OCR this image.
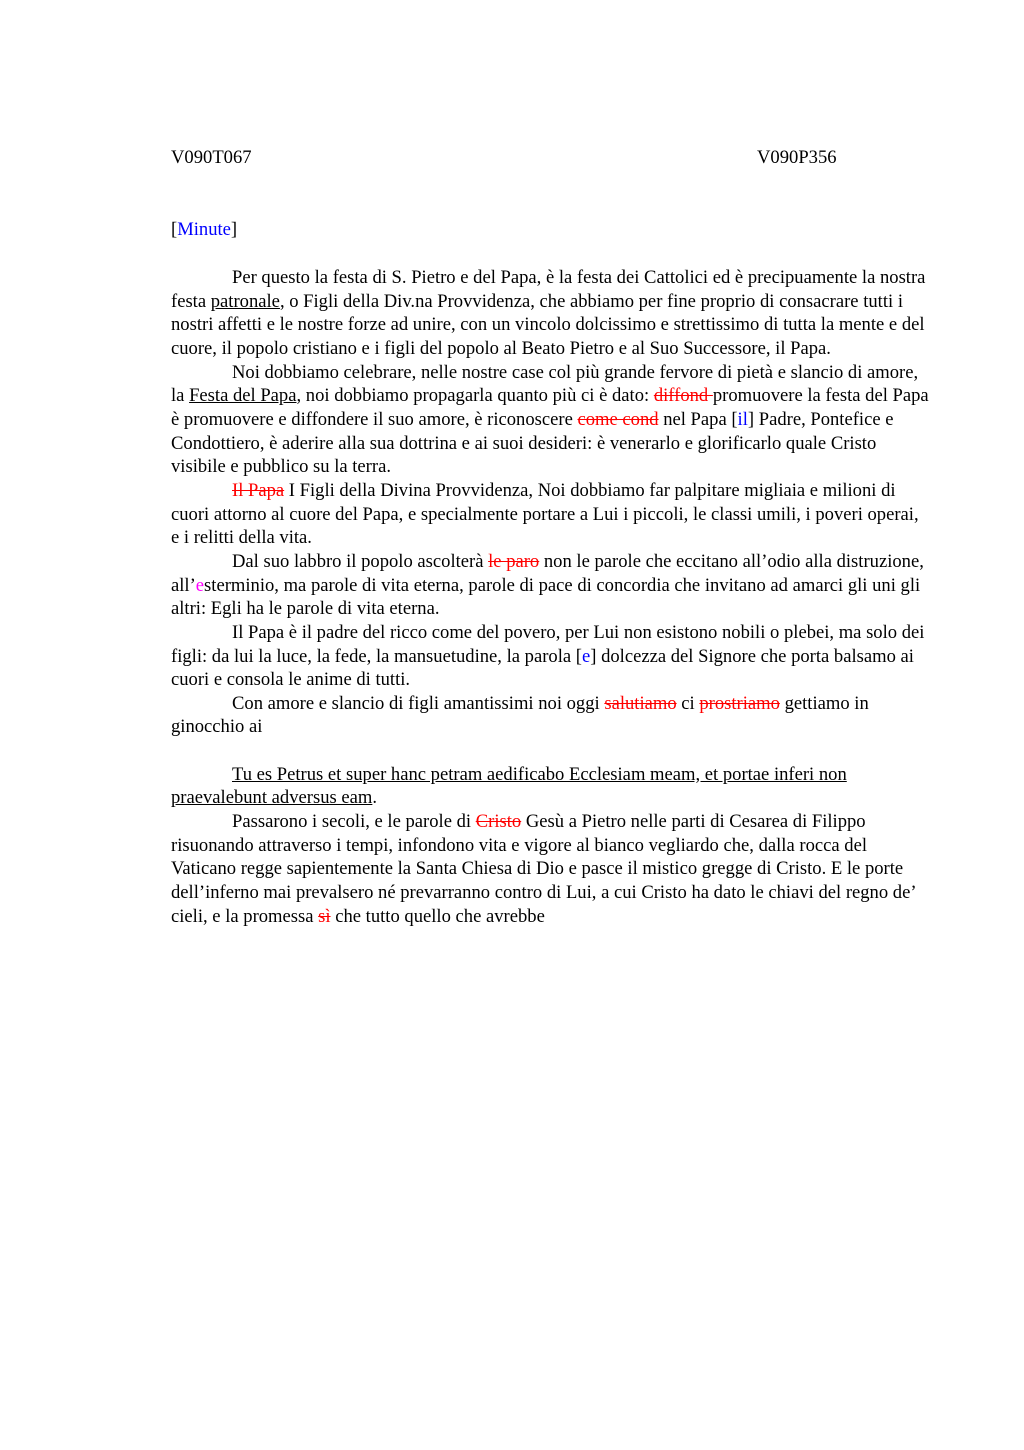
V090T067	V090P356
[Minute]

Per questo la festa di S. Pietro e del Papa, è la festa dei Cattolici ed è precipuamente la nostra festa patronale, o Figli della Div.na Provvidenza, che abbiamo per fine proprio di consacrare tutti i nostri affetti e le nostre forze ad unire, con un vincolo dolcissimo e strettissimo di tutta la mente e del cuore, il popolo cristiano e i figli del popolo al Beato Pietro e al Suo Successore, il Papa.

Noi dobbiamo celebrare, nelle nostre case col più grande fervore di pietà e slancio di amore, la Festa del Papa, noi dobbiamo propagarla quanto più ci è dato: diffond promuovere la festa del Papa è promuovere e diffondere il suo amore, è riconoscere come cond nel Papa [il] Padre, Pontefice e Condottiero, è aderire alla sua dottrina e ai suoi desideri: è venerarlo e glorificarlo quale Cristo visibile e pubblico su la terra.

Il Papa I Figli della Divina Provvidenza, Noi dobbiamo far palpitare migliaia e milioni di cuori attorno al cuore del Papa, e specialmente portare a Lui i piccoli, le classi umili, i poveri operai, e i relitti della vita.

Dal suo labbro il popolo ascolterà le paro non le parole che eccitano all’odio alla distruzione, all’esterminio, ma parole di vita eterna, parole di pace di concordia che invitano ad amarci gli uni gli altri: Egli ha le parole di vita eterna.

Il Papa è il padre del ricco come del povero, per Lui non esistono nobili o plebei, ma solo dei figli: da lui la luce, la fede, la mansuetudine, la parola [e] dolcezza del Signore che porta balsamo ai cuori e consola le anime di tutti.

Con amore e slancio di figli amantissimi noi oggi salutiamo ci prostriamo gettiamo in ginocchio ai

Tu es Petrus et super hanc petram aedificabo Ecclesiam meam, et portae inferi non praevalebunt adversus eam.

Passarono i secoli, e le parole di Cristo Gesù a Pietro nelle parti di Cesarea di Filippo risuonando attraverso i tempi, infondono vita e vigore al bianco vegliardo che, dalla rocca del Vaticano regge sapientemente la Santa Chiesa di Dio e pasce il mistico gregge di Cristo. E le porte dell’inferno mai prevalsero né prevarranno contro di Lui, a cui Cristo ha dato le chiavi del regno de’ cieli, e la promessa sì che tutto quello che avrebbe
